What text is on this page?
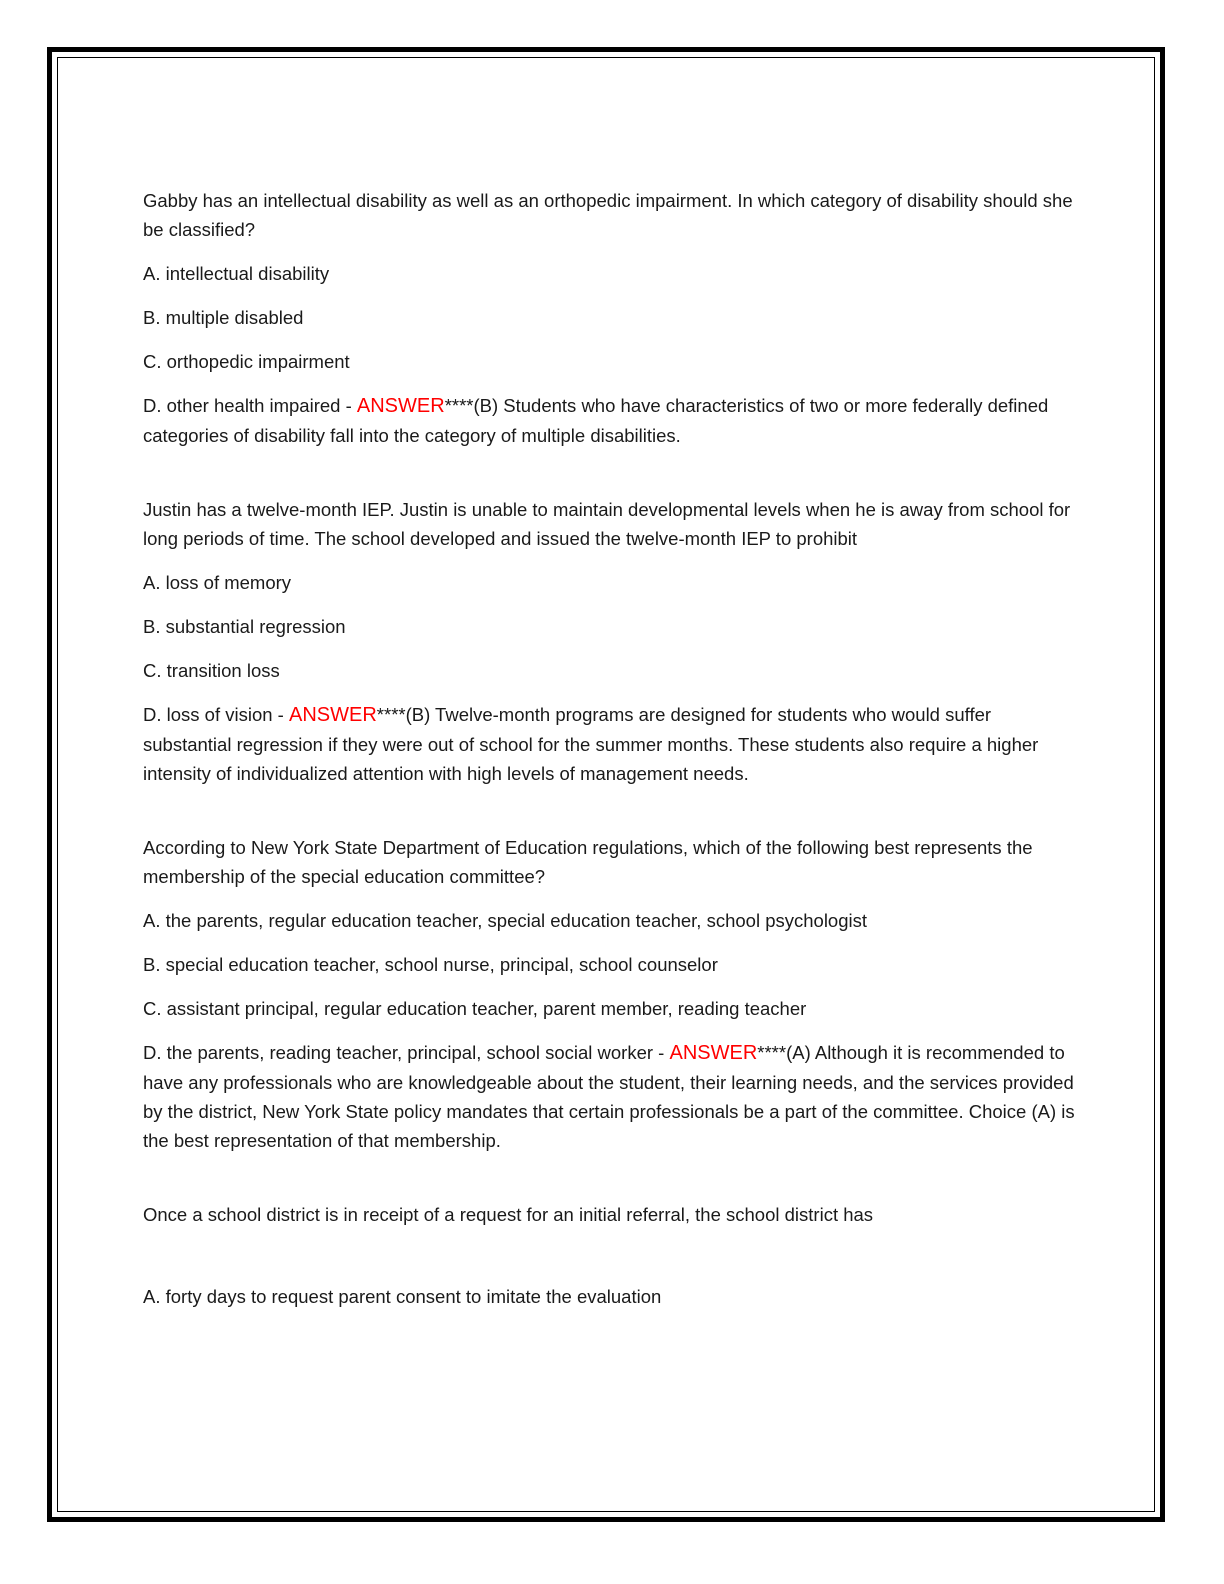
Gabby has an intellectual disability as well as an orthopedic impairment. In which category of disability should she be classified?

A. intellectual disability

B. multiple disabled

C. orthopedic impairment

D. other health impaired - ANSWER****(B) Students who have characteristics of two or more federally defined categories of disability fall into the category of multiple disabilities.

Justin has a twelve-month IEP. Justin is unable to maintain developmental levels when he is away from school for long periods of time. The school developed and issued the twelve-month IEP to prohibit

A. loss of memory

B. substantial regression

C. transition loss

D. loss of vision - ANSWER****(B) Twelve-month programs are designed for students who would suffer substantial regression if they were out of school for the summer months. These students also require a higher intensity of individualized attention with high levels of management needs.

According to New York State Department of Education regulations, which of the following best represents the membership of the special education committee?

A. the parents, regular education teacher, special education teacher, school psychologist

B. special education teacher, school nurse, principal, school counselor

C. assistant principal, regular education teacher, parent member, reading teacher

D. the parents, reading teacher, principal, school social worker - ANSWER****(A) Although it is recommended to have any professionals who are knowledgeable about the student, their learning needs, and the services provided by the district, New York State policy mandates that certain professionals be a part of the committee. Choice (A) is the best representation of that membership.

Once a school district is in receipt of a request for an initial referral, the school district has

A. forty days to request parent consent to imitate the evaluation
